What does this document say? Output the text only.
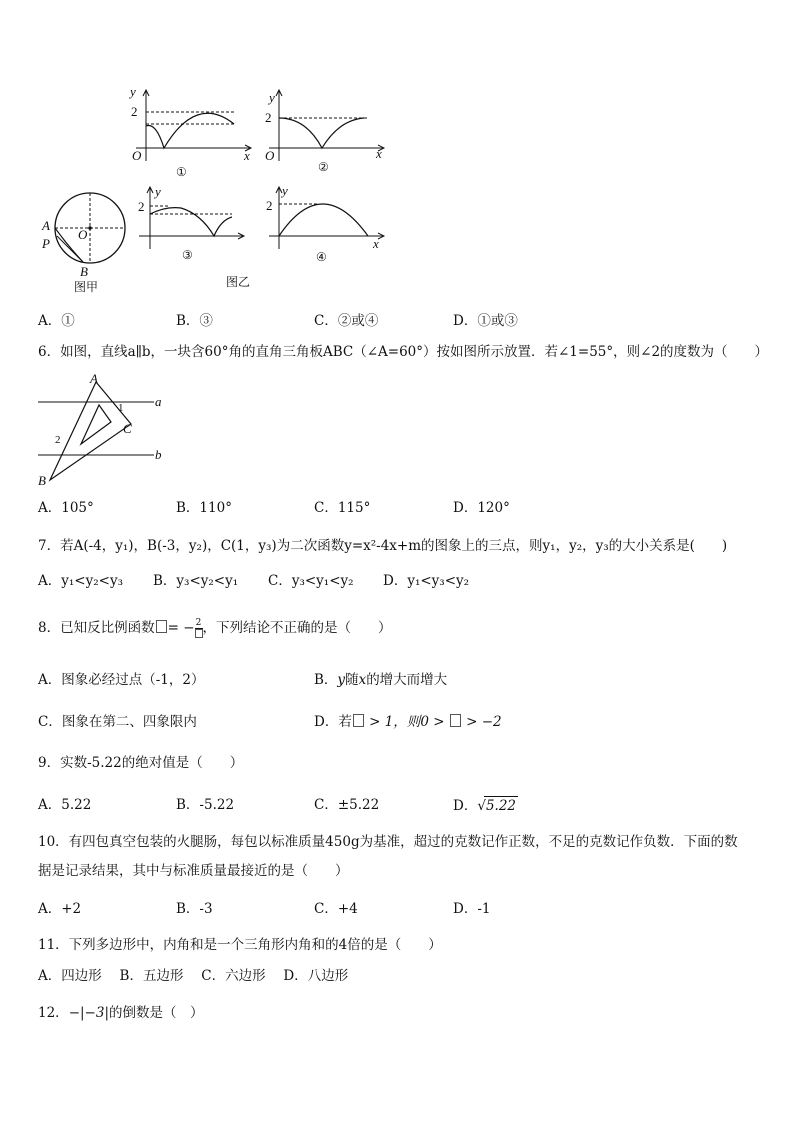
A
P
O
B
图甲
y
2
O	x
①
y
2
O	x
②
y
2
③
y
2
x
④
图乙
A．①	B．③	C．②或④	D．①或③
6．如图，直线a∥b，一块含60°角的直角三角板ABC（∠A=60°）按如图所示放置．若∠1=55°，则∠2的度数为（　　）
A
a
1
C
2
b
B
A．105°	B．110°	C．115°	D．120°
7．若A(-4，y₁)，B(-3，y₂)，C(1，y₃)为二次函数y=x²-4x+m的图象上的三点，则y₁，y₂，y₃的大小关系是(　　)
A．y₁<y₂<y₃ B．y₃<y₂<y₁ C．y₃<y₁<y₂ D．y₁<y₃<y₂
8．已知反比例函数 = − 2 ，下列结论不正确的是（　　）
A．图象必经过点（-1，2）	B．y随x的增大而增大
C．图象在第二、四象限内	D．若 > 1，则0 >  > −2
9．实数-5.22的绝对值是（　　）
A．5.22	B．-5.22	C．±5.22	D．√5.22
10．有四包真空包装的火腿肠，每包以标准质量450g为基准，超过的克数记作正数，不足的克数记作负数．下面的数
据是记录结果，其中与标准质量最接近的是（　　）
A．+2	B．-3	C．+4	D．-1
11．下列多边形中，内角和是一个三角形内角和的4倍的是（　　）
A．四边形　 B．五边形　 C．六边形　 D．八边形
12．−|−3|的倒数是（　）
